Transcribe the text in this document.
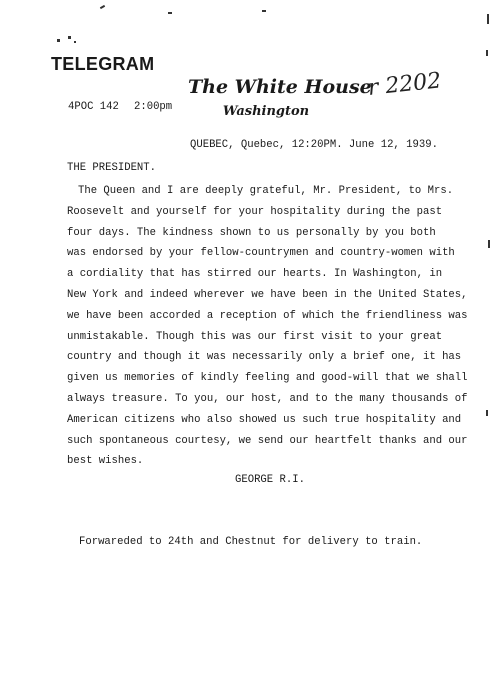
TELEGRAM
The White House
Washington
r 2202
4POC 142 2:00pm
QUEBEC, Quebec, 12:20PM. June 12, 1939.
THE PRESIDENT.
The Queen and I are deeply grateful, Mr. President, to Mrs.
Roosevelt and yourself for your hospitality during the past
four days. The kindness shown to us personally by you both
was endorsed by your fellow-countrymen and country-women with
a cordiality that has stirred our hearts. In Washington, in
New York and indeed wherever we have been in the United States,
we have been accorded a reception of which the friendliness was
unmistakable. Though this was our first visit to your great
country and though it was necessarily only a brief one, it has
given us memories of kindly feeling and good-will that we shall
always treasure. To you, our host, and to the many thousands of
American citizens who also showed us such true hospitality and
such spontaneous courtesy, we send our heartfelt thanks and our
best wishes.
GEORGE R.I.
Forwareded to 24th and Chestnut for delivery to train.
